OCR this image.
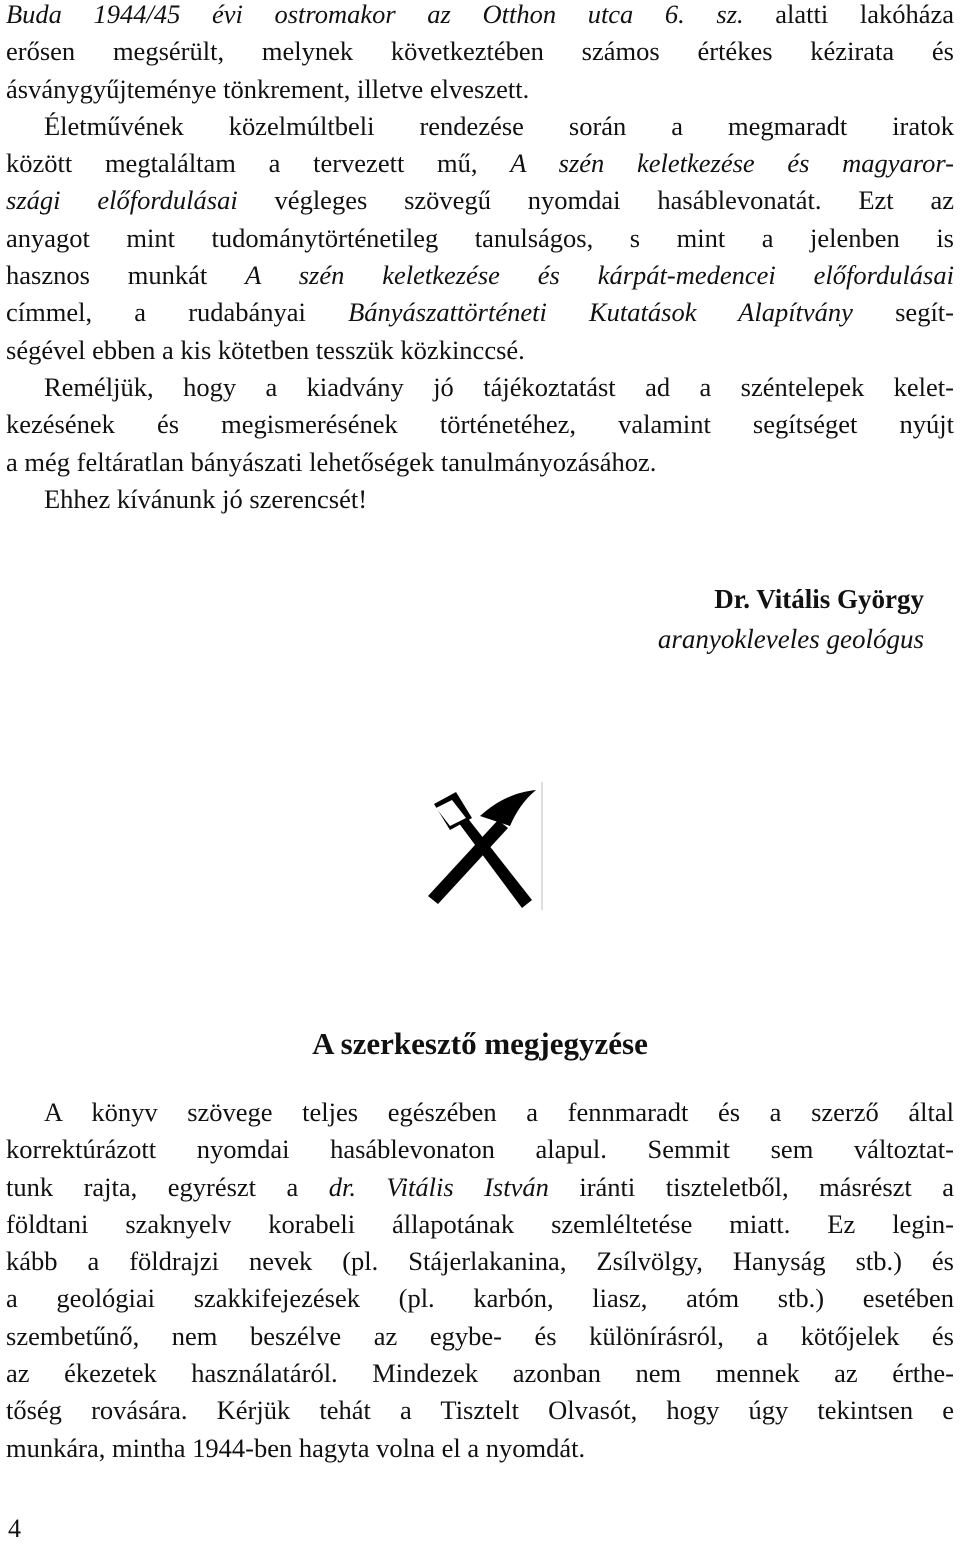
Buda 1944/45 évi ostromakor az Otthon utca 6. sz. alatti lakóháza
erősen megsérült, melynek következtében számos értékes kézirata és
ásványgyűjteménye tönkrement, illetve elveszett.
Életművének közelmúltbeli rendezése során a megmaradt iratok
között megtaláltam a tervezett mű, A szén keletkezése és magyaror-
szági előfordulásai végleges szövegű nyomdai hasáblevonatát. Ezt az
anyagot mint tudománytörténetileg tanulságos, s mint a jelenben is
hasznos munkát A szén keletkezése és kárpát-medencei előfordulásai
címmel, a rudabányai Bányászattörténeti Kutatások Alapítvány segít-
ségével ebben a kis kötetben tesszük közkinccsé.
Reméljük, hogy a kiadvány jó tájékoztatást ad a széntelepek kelet-
kezésének és megismerésének történetéhez, valamint segítséget nyújt
a még feltáratlan bányászati lehetőségek tanulmányozásához.
Ehhez kívánunk jó szerencsét!
Dr. Vitális György
aranyokleveles geológus
A szerkesztő megjegyzése
A könyv szövege teljes egészében a fennmaradt és a szerző által
korrektúrázott nyomdai hasáblevonaton alapul. Semmit sem változtat-
tunk rajta, egyrészt a dr. Vitális István iránti tiszteletből, másrészt a
földtani szaknyelv korabeli állapotának szemléltetése miatt. Ez legin-
kább a földrajzi nevek (pl. Stájerlakanina, Zsílvölgy, Hanyság stb.) és
a geológiai szakkifejezések (pl. karbón, liasz, atóm stb.) esetében
szembetűnő, nem beszélve az egybe- és különírásról, a kötőjelek és
az ékezetek használatáról. Mindezek azonban nem mennek az érthe-
tőség rovására. Kérjük tehát a Tisztelt Olvasót, hogy úgy tekintsen e
munkára, mintha 1944-ben hagyta volna el a nyomdát.
4
